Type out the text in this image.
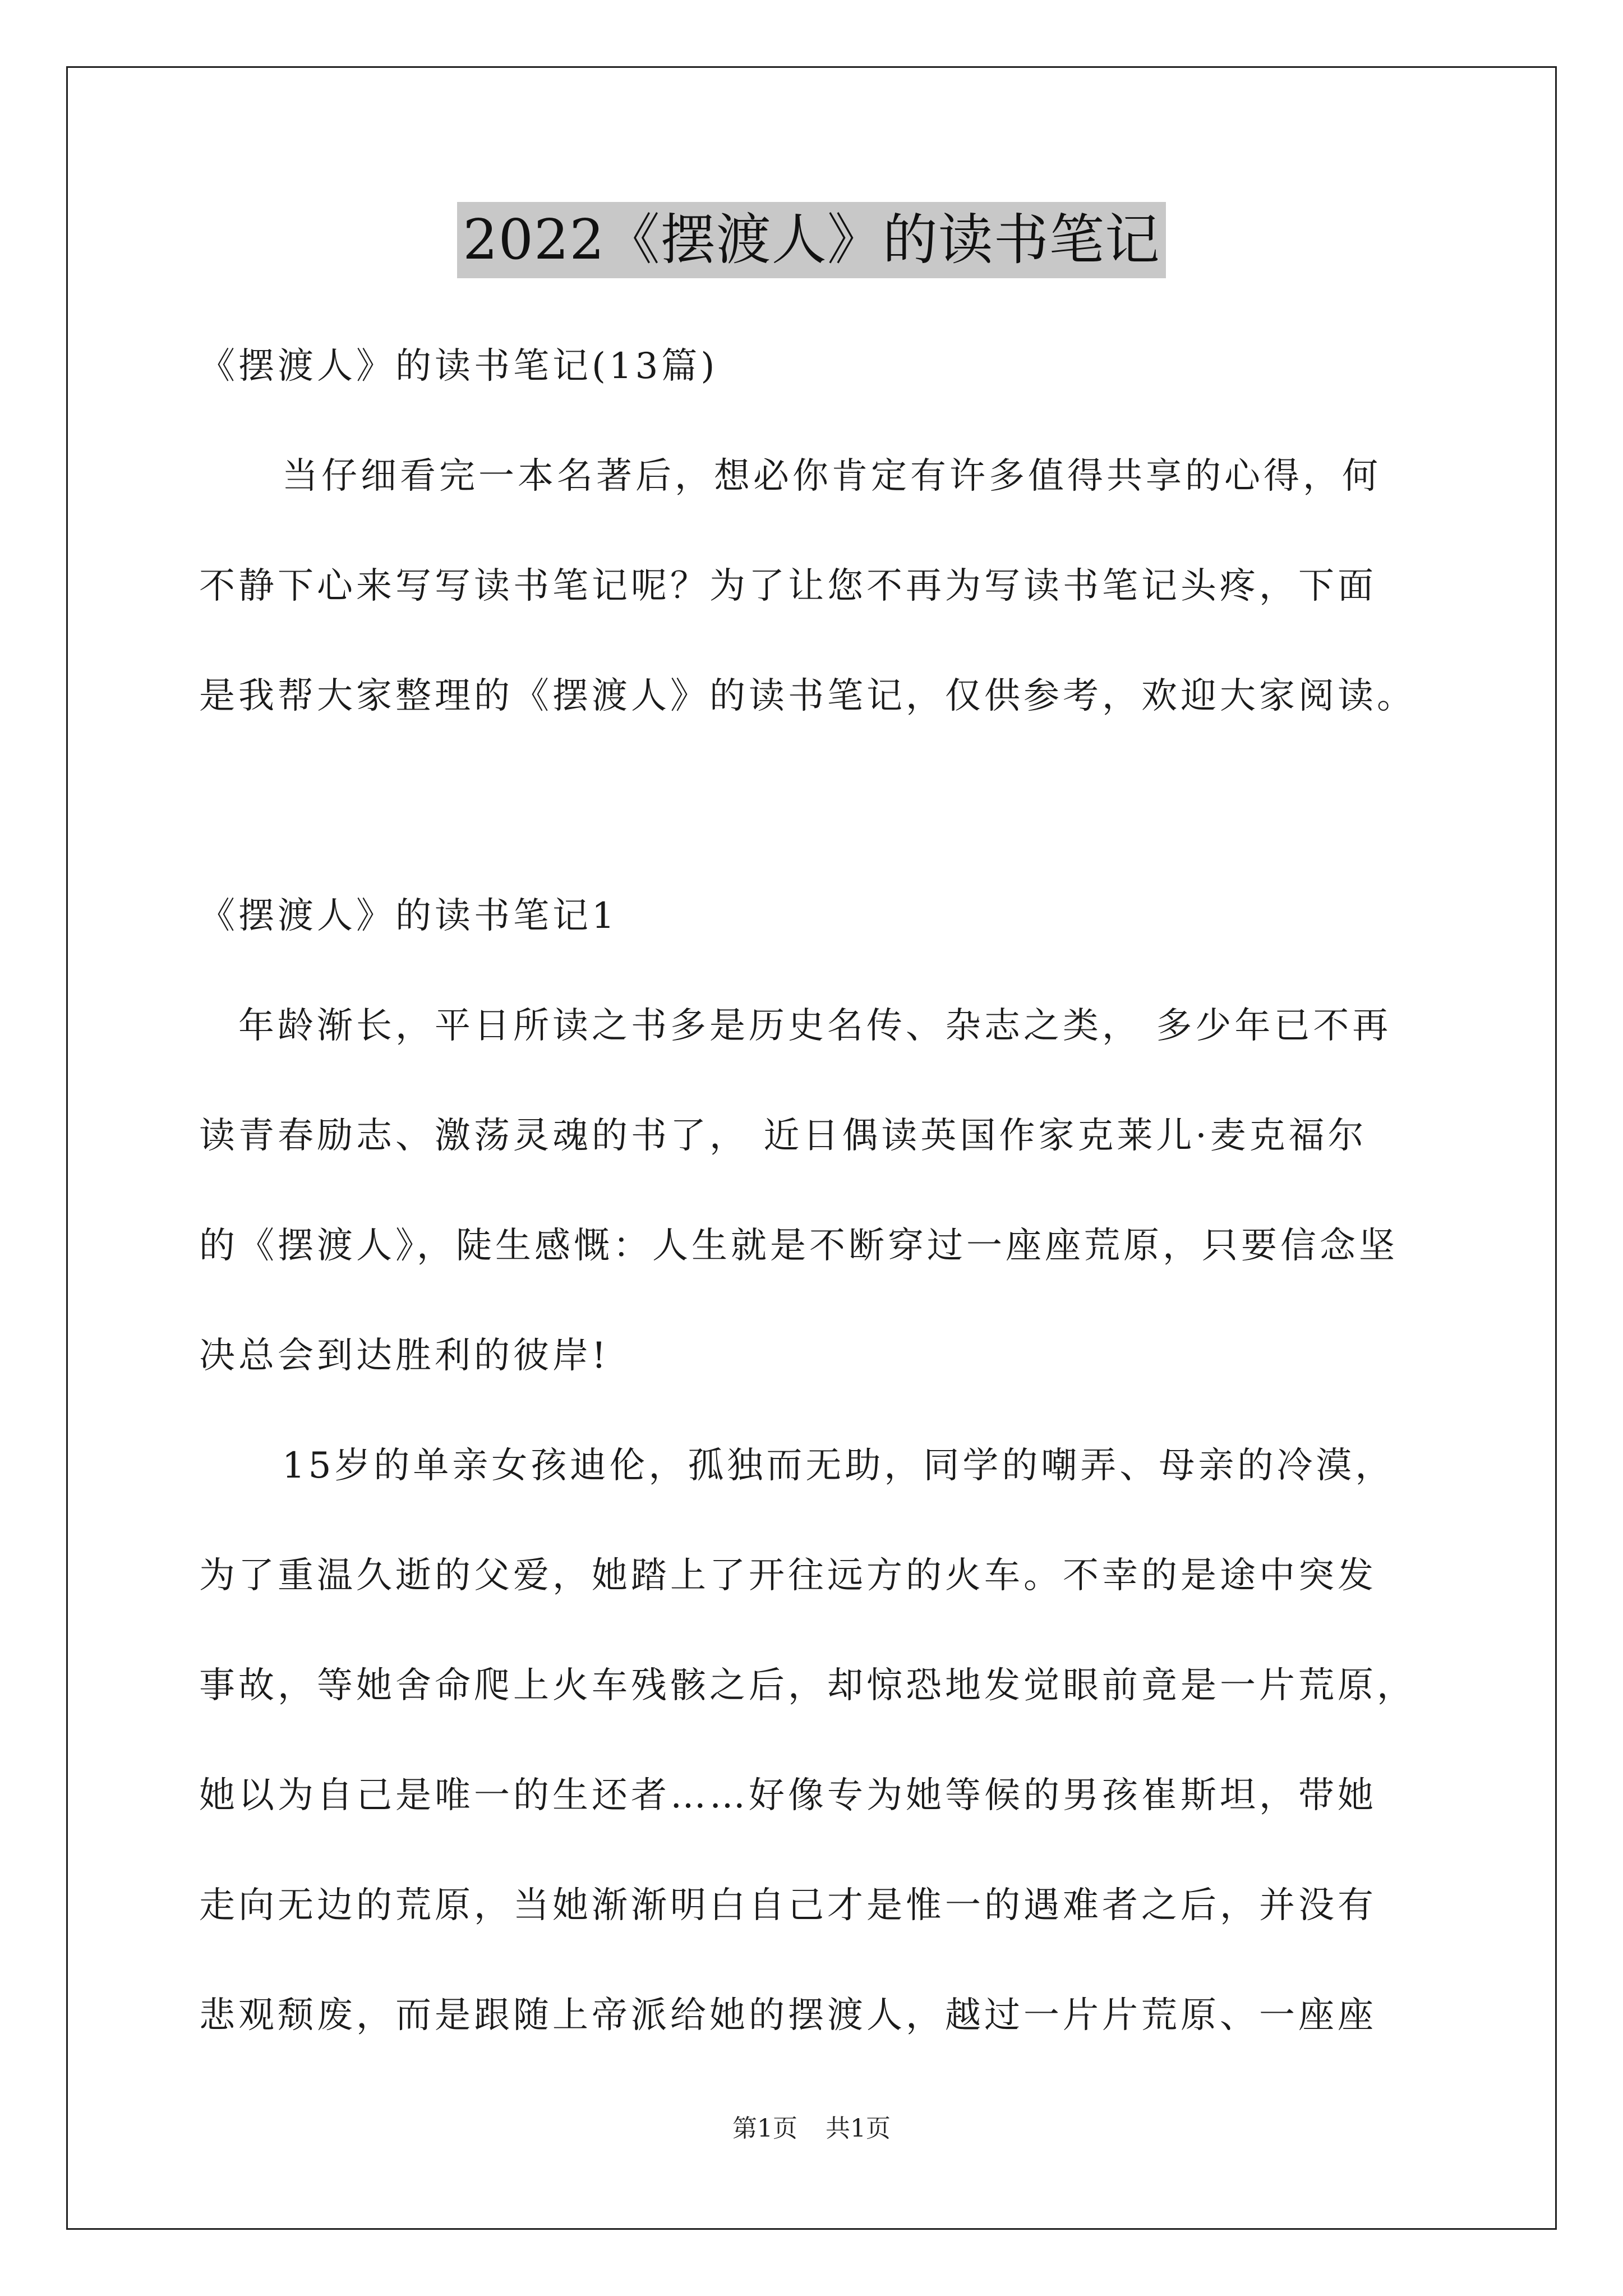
2022《摆渡人》的读书笔记
《摆渡人》的读书笔记(13篇)
当仔细看完一本名著后，想必你肯定有许多值得共享的心得，何
不静下心来写写读书笔记呢？为了让您不再为写读书笔记头疼，下面
是我帮大家整理的《摆渡人》的读书笔记，仅供参考，欢迎大家阅读。
《摆渡人》的读书笔记1
年龄渐长，平日所读之书多是历史名传、杂志之类， 多少年已不再
读青春励志、激荡灵魂的书了， 近日偶读英国作家克莱儿·麦克福尔
的《摆渡人》，陡生感慨：人生就是不断穿过一座座荒原，只要信念坚
决总会到达胜利的彼岸!
15岁的单亲女孩迪伦，孤独而无助，同学的嘲弄、母亲的冷漠，
为了重温久逝的父爱，她踏上了开往远方的火车。不幸的是途中突发
事故，等她舍命爬上火车残骸之后，却惊恐地发觉眼前竟是一片荒原，
她以为自己是唯一的生还者……好像专为她等候的男孩崔斯坦，带她
走向无边的荒原，当她渐渐明白自己才是惟一的遇难者之后，并没有
悲观颓废，而是跟随上帝派给她的摆渡人，越过一片片荒原、一座座
第1页 共1页
